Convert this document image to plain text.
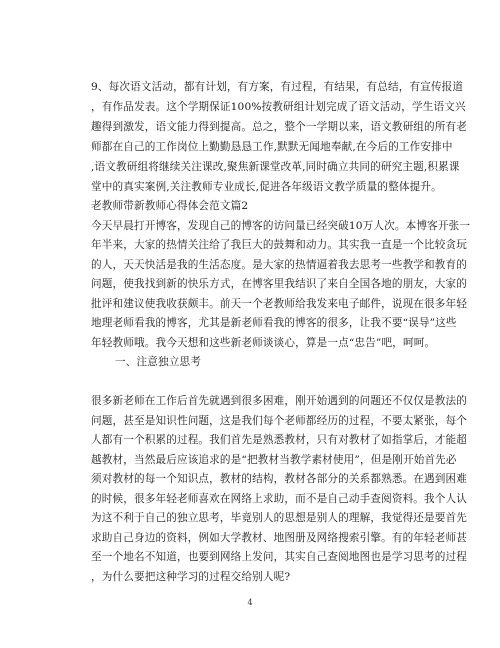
9、每次语文活动，都有计划，有方案，有过程，有结果，有总结，有宣传报道
，有作品发表。这个学期保证100%按教研组计划完成了语文活动，学生语文兴
趣得到激发，语文能力得到提高。总之，整个一学期以来，语文教研组的所有老
师都在自己的工作岗位上勤勤恳恳工作,默默无闻地奉献,在今后的工作安排中
,语文教研组将继续关注课改,聚焦新课堂改革,同时确立共同的研究主题,积累课
堂中的真实案例,关注教师专业成长,促进各年级语文教学质量的整体提升。
老教师带新教师心得体会范文篇2
今天早晨打开博客，发现自己的博客的访问量已经突破10万人次。本博客开张一
年半来，大家的热情关注给了我巨大的鼓舞和动力。其实我一直是一个比较贪玩
的人，天天快活是我的生活态度。是大家的热情逼着我去思考一些教学和教育的
问题，使我找到新的快乐方式，在博客里我结识了来自全国各地的朋友，大家的
批评和建议使我收获颇丰。前天一个老教师给我发来电子邮件，说现在很多年轻
地理老师看我的博客，尤其是新老师看我的博客的很多，让我不要“误导”这些
年轻教师哦。我今天想和这些新老师谈谈心，算是一点“忠告”吧，呵呵。
一、注意独立思考
很多新老师在工作后首先就遇到很多困难，刚开始遇到的问题还不仅仅是教法的
问题，甚至是知识性问题，这是我们每个老师都经历的过程，不要太紧张，每个
人都有一个积累的过程。我们首先是熟悉教材，只有对教材了如指掌后，才能超
越教材，当然最后应该追求的是“把教材当教学素材使用”，但是刚开始首先必
须对教材的每一个知识点，教材的结构，教材各部分的关系都熟悉。在遇到困难
的时候，很多年轻老师喜欢在网络上求助，而不是自己动手查阅资料。我个人认
为这不利于自己的独立思考，毕竟别人的思想是别人的理解，我觉得还是要首先
求助自己身边的资料，例如大学教材、地图册及网络搜索引擎。有的年轻老师甚
至一个地名不知道，也要到网络上发问，其实自己查阅地图也是学习思考的过程
，为什么要把这种学习的过程交给别人呢?
4
